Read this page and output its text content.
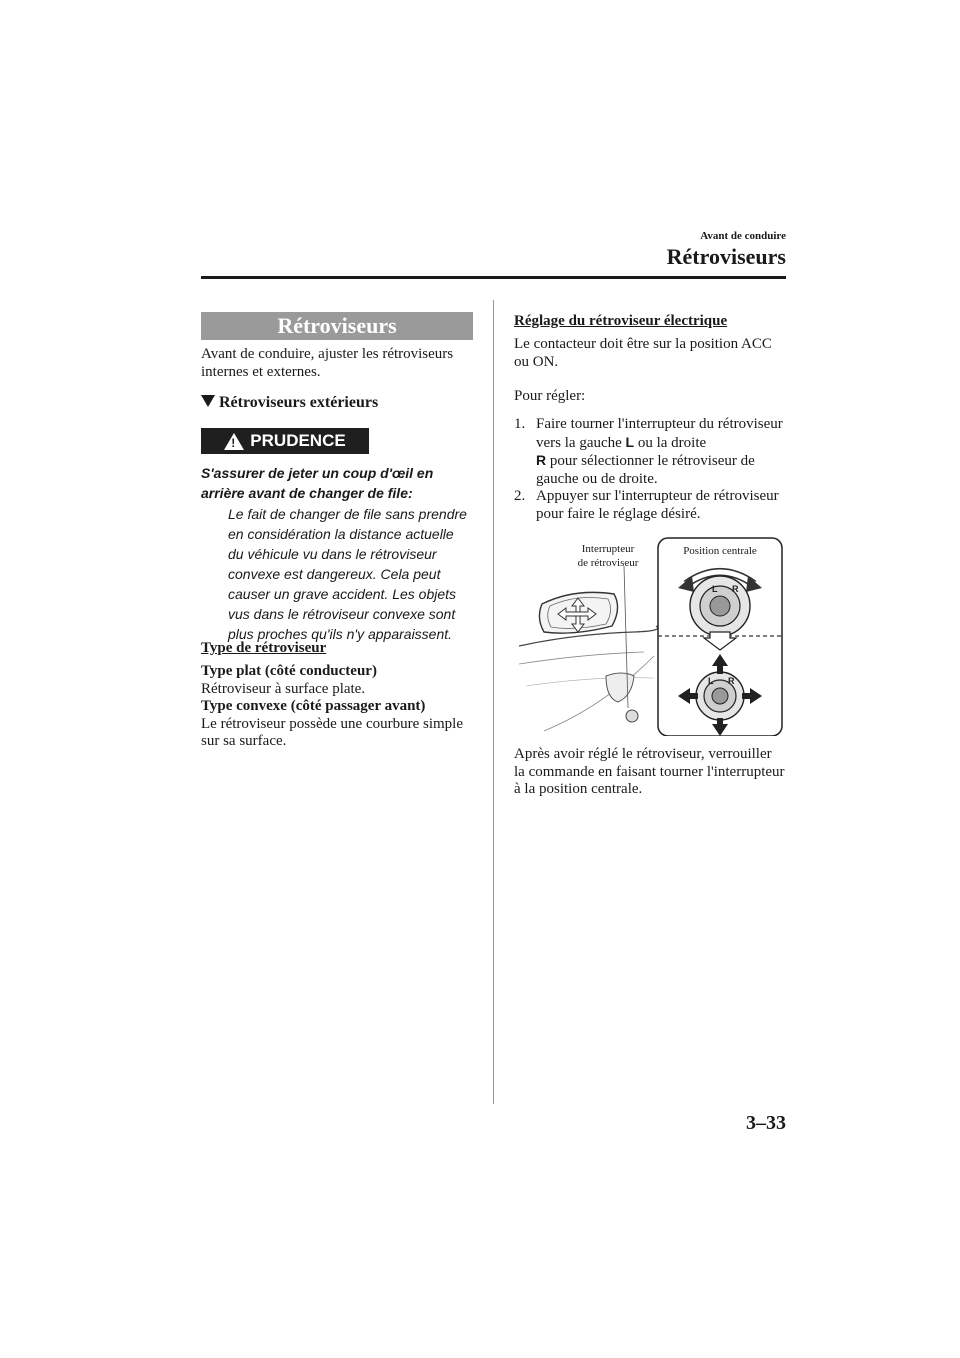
Avant de conduire
Rétroviseurs
Rétroviseurs
Avant de conduire, ajuster les rétroviseurs internes et externes.
Rétroviseurs extérieurs
! PRUDENCE
S'assurer de jeter un coup d'œil en arrière avant de changer de file:
Le fait de changer de file sans prendre en considération la distance actuelle du véhicule vu dans le rétroviseur convexe est dangereux. Cela peut causer un grave accident. Les objets vus dans le rétroviseur convexe sont plus proches qu'ils n'y apparaissent.
Type de rétroviseur
Type plat (côté conducteur)
Rétroviseur à surface plate.
Type convexe (côté passager avant)
Le rétroviseur possède une courbure simple sur sa surface.
Réglage du rétroviseur électrique
Le contacteur doit être sur la position ACC ou ON.
Pour régler:
1. Faire tourner l'interrupteur du rétroviseur vers la gauche L ou la droite
R pour sélectionner le rétroviseur de gauche ou de droite.
2. Appuyer sur l'interrupteur de rétroviseur pour faire le réglage désiré.
Interrupteur
de rétroviseur
Position centrale
L R
L R
Après avoir réglé le rétroviseur, verrouiller la commande en faisant tourner l'interrupteur à la position centrale.
3–33
